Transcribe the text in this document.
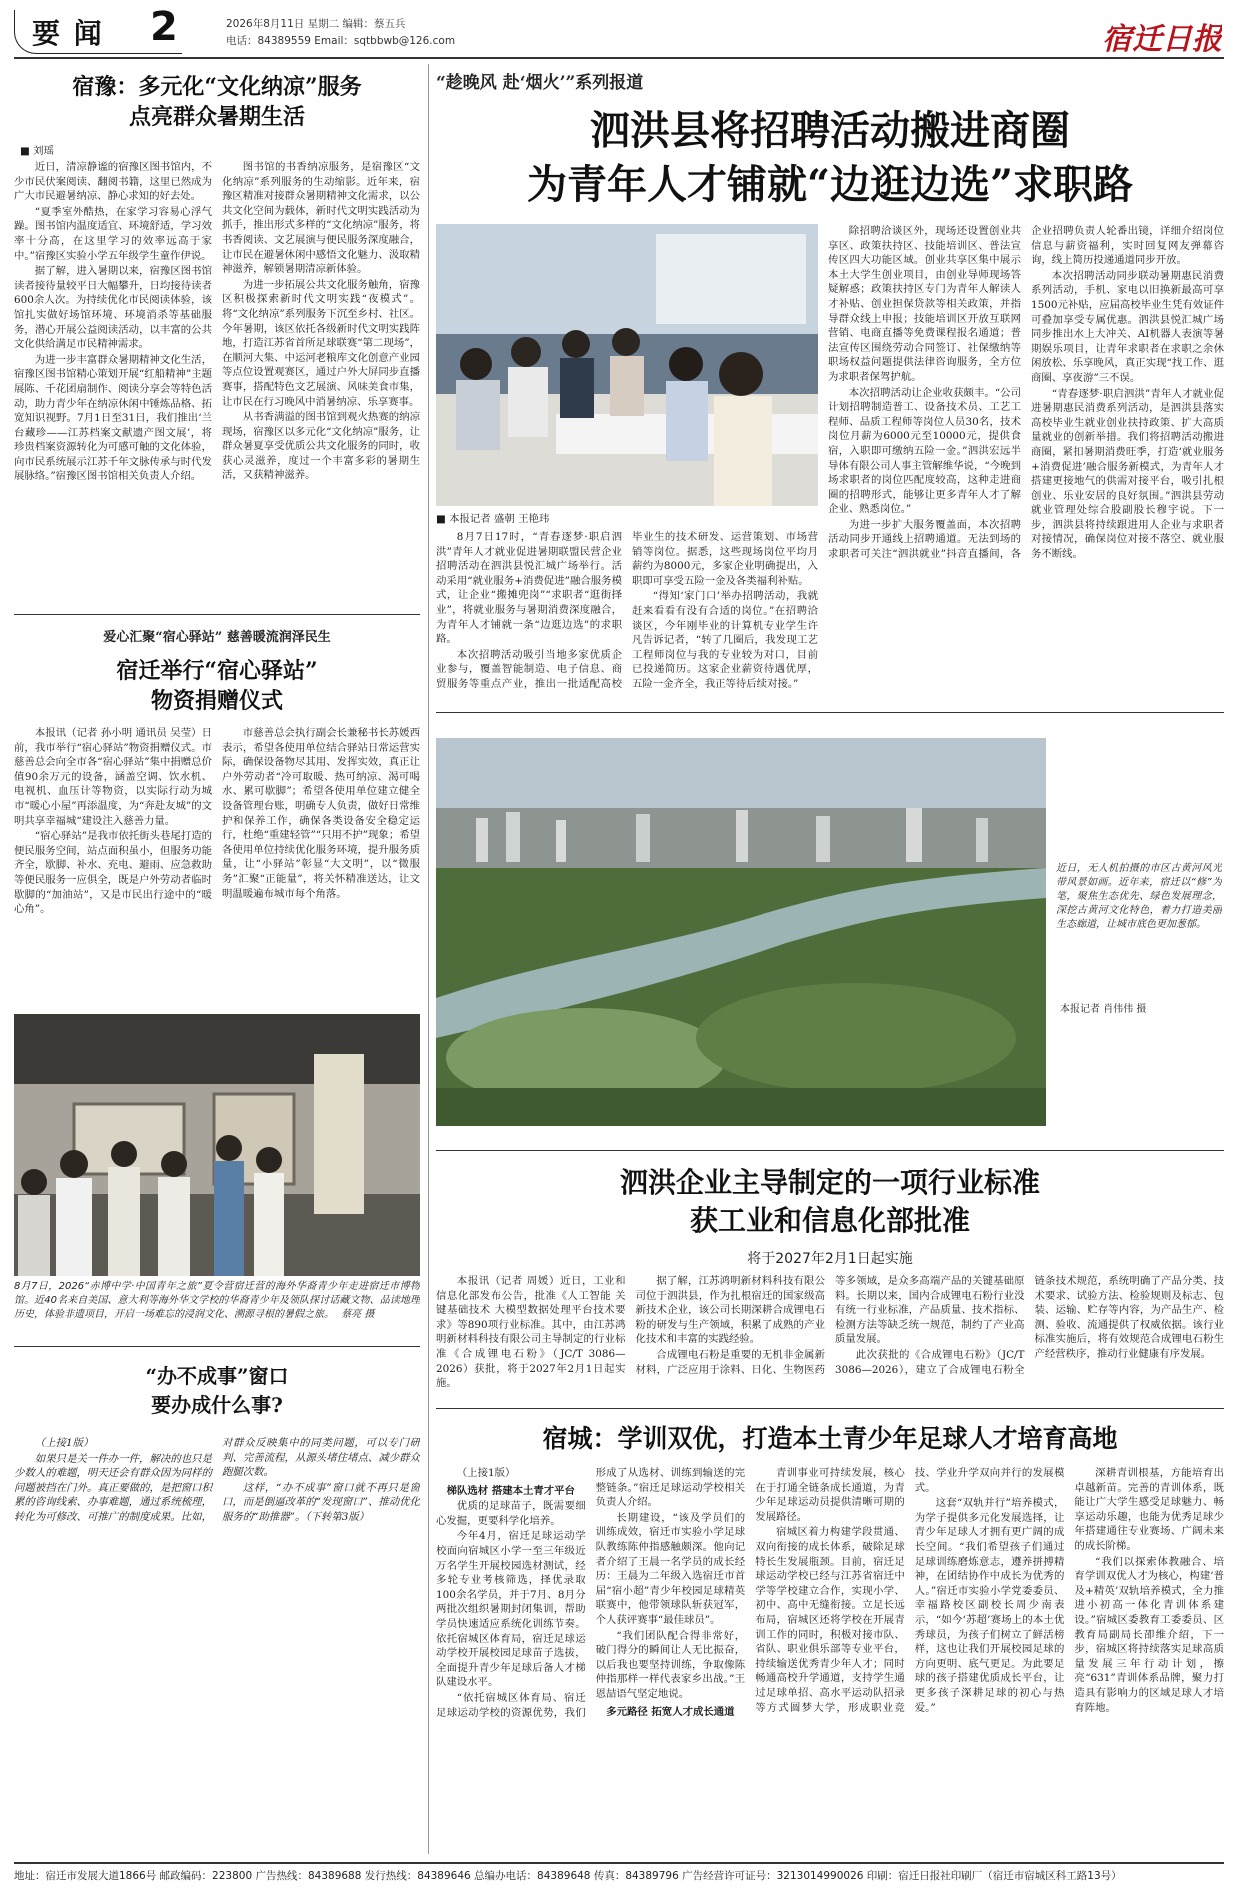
要 闻	2	2026年8月11日 星期二 编辑：蔡五兵
电话：84389559 Email：sqtbbwb@126.com	宿迁日报
宿豫：多元化“文化纳凉”服务
点亮群众暑期生活
■ 刘瑶

近日，清凉静谧的宿豫区图书馆内，不少市民伏案阅读、翻阅书籍，这里已然成为广大市民避暑纳凉、静心求知的好去处。

“夏季室外酷热，在家学习容易心浮气躁。图书馆内温度适宜、环境舒适，学习效率十分高，在这里学习的效率远高于家中。”宿豫区实验小学五年级学生童作伊说。

据了解，进入暑期以来，宿豫区图书馆读者接待量较平日大幅攀升，日均接待读者600余人次。为持续优化市民阅读体验，该馆扎实做好场馆环境、环境消杀等基础服务，潜心开展公益阅读活动，以丰富的公共文化供给满足市民精神需求。

为进一步丰富群众暑期精神文化生活，宿豫区图书馆精心策划开展“红船精神”主题展陈、千花团扇制作、阅读分享会等特色活动，助力青少年在纳凉休闲中锤炼品格、拓宽知识视野。7月1日至31日，我们推出‘兰台藏珍——江苏档案文献遗产图文展’，将珍贵档案资源转化为可感可触的文化体验，向市民系统展示江苏千年文脉传承与时代发展脉络。”宿豫区图书馆相关负责人介绍。

图书馆的书香纳凉服务，是宿豫区“文化纳凉”系列服务的生动缩影。近年来，宿豫区精准对接群众暑期精神文化需求，以公共文化空间为载体，新时代文明实践活动为抓手，推出形式多样的“文化纳凉”服务，将书香阅读、文艺展演与便民服务深度融合，让市民在避暑休闲中感悟文化魅力、汲取精神滋养，解锁暑期清凉新体验。

为进一步拓展公共文化服务触角，宿豫区积极探索新时代文明实践“夜模式”。将“文化纳凉”系列服务下沉至乡村、社区。今年暑期，该区依托各级新时代文明实践阵地，打造江苏省首所足球联赛“第二现场”，在顺河大集、中运河老粮库文化创意产业园等点位设置观赛区，通过户外大屏同步直播赛事，搭配特色文艺展演、风味美食市集，让市民在行习晚风中消暑纳凉、乐享赛事。

从书香满溢的图书馆到观火热赛的纳凉现场，宿豫区以多元化“文化纳凉”服务，让群众暑夏享受优质公共文化服务的同时，收获心灵滋养，度过一个丰富多彩的暑期生活，又获精神滋养。

爱心汇聚“宿心驿站” 慈善暖流润泽民生
宿迁举行“宿心驿站”
物资捐赠仪式

本报讯（记者 孙小明 通讯员 吴莹）日前，我市举行“宿心驿站”物资捐赠仪式。市慈善总会向全市各“宿心驿站”集中捐赠总价值90余万元的设备，涵盖空调、饮水机、电视机、血压计等物资，以实际行动为城市“暖心小屋”再添温度，为“奔赴友城”的文明共享幸福城“建设注入慈善力量。

“宿心驿站”是我市依托街头巷尾打造的便民服务空间，站点面积虽小，但服务功能齐全，歇脚、补水、充电、避雨、应急救助等便民服务一应俱全，既是户外劳动者临时歇脚的“加油站”，又是市民出行途中的“暖心角”。

市慈善总会执行副会长兼秘书长苏媛西表示，希望各使用单位结合驿站日常运营实际，确保设备物尽其用、发挥实效，真正让户外劳动者“冷可取暖、热可纳凉、渴可喝水、累可歇脚”；希望各使用单位建立健全设备管理台账，明确专人负责，做好日常维护和保养工作，确保各类设备安全稳定运行，杜绝“重建轻管”“只用不护”现象；希望各使用单位持续优化服务环境，提升服务质量，让“小驿站”彰显“大文明”，以“微服务”汇聚“正能量”，将关怀精准送达，让文明温暖遍布城市每个角落。

8月7日，2026“赤博中学·中国青年之旅”夏令营宿迁营的海外华裔青少年走进宿迁市博物馆。近40名来自美国、意大利等海外华文学校的华裔青少年及领队探讨话藏文物、品读地理历史，体验非遗项目，开启一场难忘的浸润文化、溯源寻根的暑假之旅。 蔡亮 摄
“办不成事”窗口
要办成什么事?

（上接1版）

如果只是关一件办一件，解决的也只是少数人的难题，明天还会有群众因为同样的问题被挡在门外。真正要做的，是把窗口积累的咨询线索、办事难题，通过系统梳理，转化为可修改、可推广的制度成果。比如，对群众反映集中的同类问题，可以专门研判、完善流程，从源头堵住堵点、减少群众跑腿次数。

这样，“办不成事”窗口就不再只是窗口，而是倒逼改革的“发现窗口”、推动优化服务的“助推器”。（下转第3版）

“趁晚风 赴‘烟火’”系列报道
泗洪县将招聘活动搬进商圈
为青年人才铺就“边逛边选”求职路
■ 本报记者 盛朝 王艳玮

8月7日17时，“青春逐梦·职启泗洪”青年人才就业促进暑期联盟民营企业招聘活动在泗洪县悦汇城广场举行。活动采用“就业服务+消费促进”融合服务模式，让企业“搬摊兜岗”“求职者“逛街择业”，将就业服务与暑期消费深度融合，为青年人才铺就一条“边逛边选”的求职路。

本次招聘活动吸引当地多家优质企业参与，覆盖智能制造、电子信息、商贸服务等重点产业，推出一批适配高校毕业生的技术研发、运营策划、市场营销等岗位。据悉，这些现场岗位平均月薪约为8000元，多家企业明确提出，入职即可享受五险一金及各类福利补贴。

“得知‘家门口’举办招聘活动，我就赶来看看有没有合适的岗位。”在招聘洽谈区，今年刚毕业的计算机专业学生许凡告诉记者，“转了几圈后，我发现工艺工程师岗位与我的专业较为对口，目前已投递简历。这家企业薪资待遇优厚，五险一金齐全，我正等待后续对接。”

除招聘洽谈区外，现场还设置创业共享区、政策扶持区、技能培训区、普法宣传区四大功能区域。创业共享区集中展示本土大学生创业项目，由创业导师现场答疑解惑；政策扶持区专门为青年人解读人才补贴、创业担保贷款等相关政策，并指导群众线上申报；技能培训区开放互联网营销、电商直播等免费课程报名通道；普法宣传区围绕劳动合同签订、社保缴纳等职场权益问题提供法律咨询服务，全方位为求职者保驾护航。

本次招聘活动让企业收获颇丰。“公司计划招聘制造普工、设备技术员、工艺工程师、品质工程师等岗位人员30名，技术岗位月薪为6000元至10000元，提供食宿，入职即可缴纳五险一金。”泗洪宏远半导体有限公司人事主管解维华说，“今晚到场求职者的岗位匹配度较高，这种走进商圈的招聘形式，能够让更多青年人才了解企业、熟悉岗位。”

为进一步扩大服务覆盖面，本次招聘活动同步开通线上招聘通道。无法到场的求职者可关注“泗洪就业”抖音直播间，各企业招聘负责人轮番出镜，详细介绍岗位信息与薪资福利，实时回复网友弹幕咨询，线上简历投递通道同步开放。

本次招聘活动同步联动暑期惠民消费系列活动，手机、家电以旧换新最高可享1500元补贴，应届高校毕业生凭有效证件可叠加享受专属优惠。泗洪县悦汇城广场同步推出水上大冲关、AI机器人表演等暑期娱乐项目，让青年求职者在求职之余休闲放松、乐享晚风，真正实现“找工作、逛商圈、享夜游”三不误。

“青春逐梦·职启泗洪”青年人才就业促进暑期惠民消费系列活动，是泗洪县落实高校毕业生就业创业扶持政策、扩大高质量就业的创新举措。我们将招聘活动搬进商圈，紧扣暑期消费旺季，打造‘就业服务+消费促进’融合服务新模式，为青年人才搭建更接地气的供需对接平台，吸引扎根创业、乐业安居的良好氛围。”泗洪县劳动就业管理处综合股副股长穆宇说。下一步，泗洪县将持续跟进用人企业与求职者对接情况，确保岗位对接不落空、就业服务不断线。

近日，无人机拍摄的市区古黄河风光带风景如画。近年来，宿迁以“修”为笔，聚焦生态优先、绿色发展理念，深挖古黄河文化特色，着力打造美丽生态廊道，让城市底色更加葱郁。
本报记者 肖伟伟 摄
泗洪企业主导制定的一项行业标准
获工业和信息化部批准
将于2027年2月1日起实施

本报讯（记者 周媛）近日，工业和信息化部发布公告，批准《人工智能 关键基础技术 大模型数据处理平台技术要求》等890项行业标准。其中，由江苏鸿明新材料科技有限公司主导制定的行业标准《合成锂电石粉》（JC/T 3086—2026）获批，将于2027年2月1日起实施。

据了解，江苏鸿明新材料科技有限公司位于泗洪县，作为扎根宿迁的国家级高新技术企业，该公司长期深耕合成锂电石粉的研发与生产领域，积累了成熟的产业化技术和丰富的实践经验。

合成锂电石粉是重要的无机非金属新材料，广泛应用于涂料、日化、生物医药等多领域，是众多高端产品的关键基础原料。长期以来，国内合成锂电石粉行业没有统一行业标准，产品质量、技术指标、检测方法等缺乏统一规范，制约了产业高质量发展。

此次获批的《合成锂电石粉》（JC/T 3086—2026），建立了合成锂电石粉全链条技术规范，系统明确了产品分类、技术要求、试验方法、检验规则及标志、包装、运输、贮存等内容，为产品生产、检测、验收、流通提供了权威依据。该行业标准实施后，将有效规范合成锂电石粉生产经营秩序，推动行业健康有序发展。

宿城：学训双优，打造本土青少年足球人才培育高地

（上接1版）

梯队选材 搭建本土青才平台

优质的足球苗子，既需要细心发掘，更要科学化培养。

今年4月，宿迁足球运动学校面向宿城区小学一至三年级近万名学生开展校园选材测试，经多轮专业考核筛选，择优录取100余名学员，并于7月、8月分两批次组织暑期封闭集训，帮助学员快速适应系统化训练节奏。依托宿城区体育局，宿迁足球运动学校开展校园足球苗子选拔，全面提升青少年足球后备人才梯队建设水平。

“依托宿城区体育局、宿迁足球运动学校的资源优势，我们形成了从选材、训练到输送的完整链条。”宿迁足球运动学校相关负责人介绍。

长期建设，“该及学员们的训练成效，宿迁市实验小学足球队教练陈仲指感触颇深。他向记者介绍了王晨一名学员的成长经历：王晨为二年级入选宿迁市首届“宿小超”青少年校园足球精英联赛中，他带领球队斩获冠军，个人获评赛事“最佳球员”。

“我们团队配合得非常好，破门得分的瞬间让人无比振奋，以后我也要坚持训练，争取像陈仲指那样一样代表家乡出战。”王恩喆语气坚定地说。

多元路径 拓宽人才成长通道

青训事业可持续发展，核心在于打通全链条成长通道，为青少年足球运动员提供清晰可期的发展路径。

宿城区着力构建学段贯通、双向衔接的成长体系，破除足球特长生发展瓶颈。目前，宿迁足球运动学校已经与江苏省宿迁中学等学校建立合作，实现小学、初中、高中无缝衔接。立足长远布局，宿城区还将学校在开展青训工作的同时，积极对接市队、省队、职业俱乐部等专业平台，持续输送优秀青少年人才；同时畅通高校升学通道，支持学生通过足球单招、高水平运动队招录等方式圆梦大学，形成职业竞技、学业升学双向并行的发展模式。

这套“双轨并行”培养模式，为学子提供多元化发展选择，让青少年足球人才拥有更广阔的成长空间。“我们希望孩子们通过足球训练磨炼意志，遵养拼搏精神，在团结协作中成长为优秀的人。”宿迁市实验小学党委委员、幸福路校区副校长周少南表示，“如今‘苏超’赛场上的本土优秀球员，为孩子们树立了鲜活榜样，这也让我们开展校园足球的方向更明、底气更足。为此要足球的孩子搭建优质成长平台，让更多孩子深耕足球的初心与热爱。”

深耕青训根基，方能培育出卓越新苗。完善的青训体系，既能让广大学生感受足球魅力、畅享运动乐趣，也能为优秀足球少年搭建通往专业赛场、广阔未来的成长阶梯。

“我们以探索体教融合、培育学训双优人才为核心，构建‘普及+精英’双轨培养模式，全力推进小初高一体化青训体系建设。”宿城区委教育工委委员、区教育局副局长卲维介绍，下一步，宿城区将持续落实足球高质量发展三年行动计划，擦亮“631”青训体系品牌，聚力打造具有影响力的区域足球人才培育阵地。

地址：宿迁市发展大道1866号 邮政编码：223800 广告热线：84389688 发行热线：84389646 总编办电话：84389648 传真：84389796 广告经营许可证号：3213014990026 印刷：宿迁日报社印刷厂（宿迁市宿城区科工路13号）
